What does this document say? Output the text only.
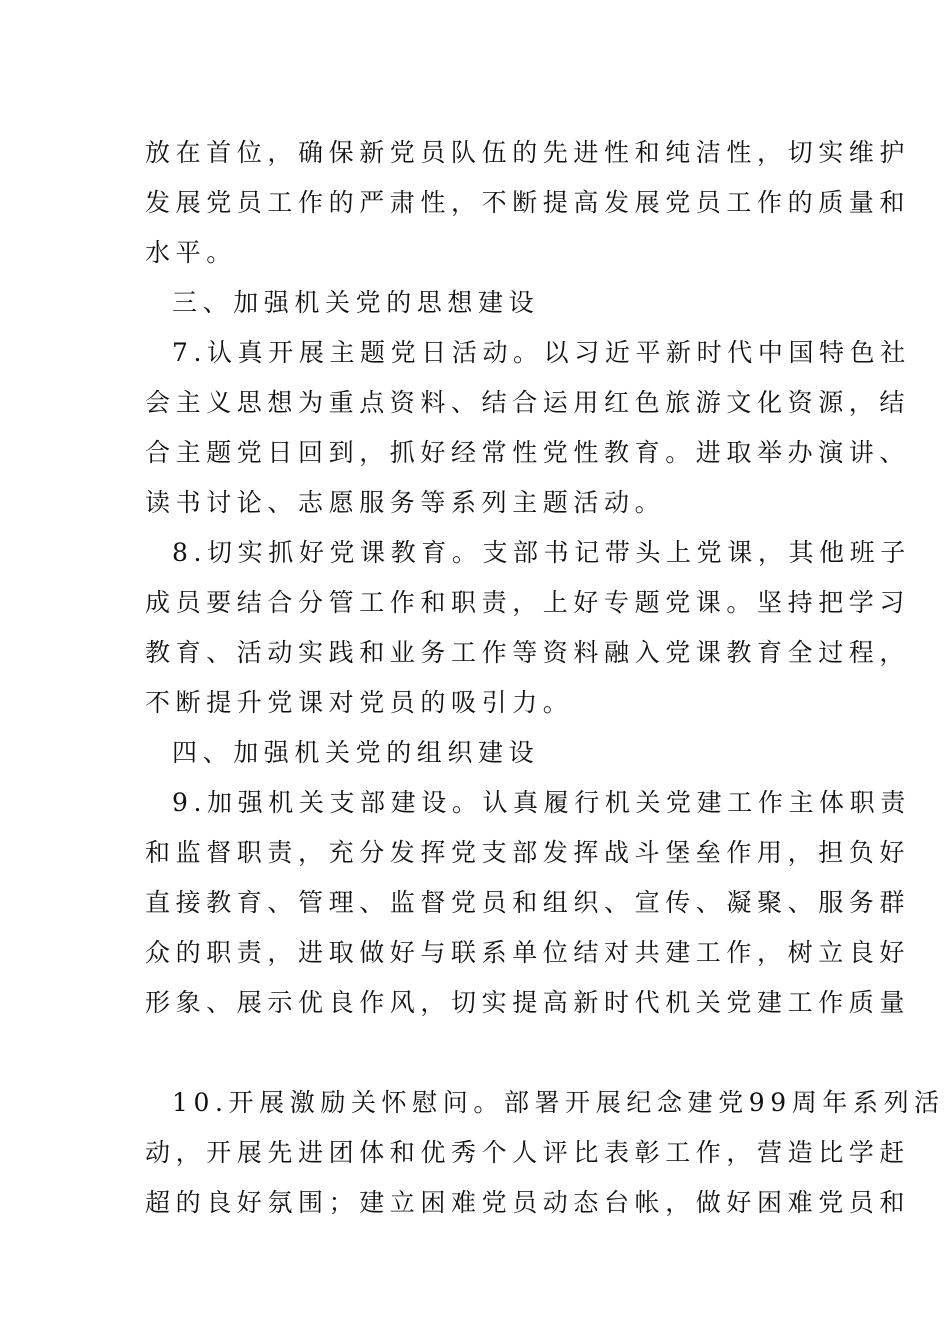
放在首位，确保新党员队伍的先进性和纯洁性，切实维护
发展党员工作的严肃性，不断提高发展党员工作的质量和
水平。
三、加强机关党的思想建设
7.认真开展主题党日活动。以习近平新时代中国特色社
会主义思想为重点资料、结合运用红色旅游文化资源，结
合主题党日回到，抓好经常性党性教育。进取举办演讲、
读书讨论、志愿服务等系列主题活动。
8.切实抓好党课教育。支部书记带头上党课，其他班子
成员要结合分管工作和职责，上好专题党课。坚持把学习
教育、活动实践和业务工作等资料融入党课教育全过程，
不断提升党课对党员的吸引力。
四、加强机关党的组织建设
9.加强机关支部建设。认真履行机关党建工作主体职责
和监督职责，充分发挥党支部发挥战斗堡垒作用，担负好
直接教育、管理、监督党员和组织、宣传、凝聚、服务群
众的职责，进取做好与联系单位结对共建工作，树立良好
形象、展示优良作风，切实提高新时代机关党建工作质量
10.开展激励关怀慰问。部署开展纪念建党99周年系列活
动，开展先进团体和优秀个人评比表彰工作，营造比学赶
超的良好氛围；建立困难党员动态台帐，做好困难党员和
